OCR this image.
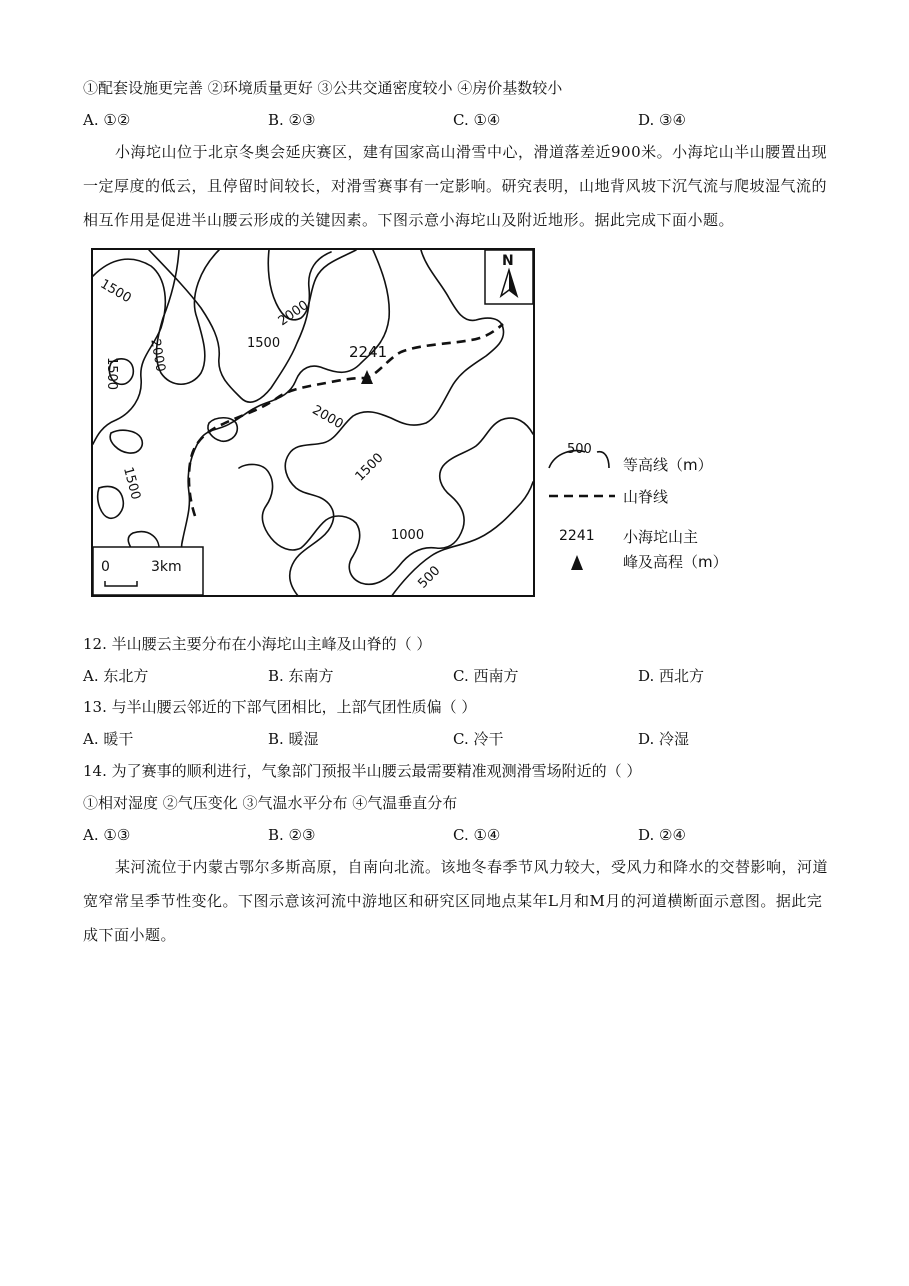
①配套设施更完善 ②环境质量更好 ③公共交通密度较小 ④房价基数较小
A. ①②	B. ②③	C. ①④	D. ③④
小海坨山位于北京冬奥会延庆赛区，建有国家高山滑雪中心，滑道落差近900米。小海坨山半山腰置出现一定厚度的低云，且停留时间较长，对滑雪赛事有一定影响。研究表明，山地背风坡下沉气流与爬坡湿气流的相互作用是促进半山腰云形成的关键因素。下图示意小海坨山及附近地形。据此完成下面小题。
N
2241
1500
2000
1500
2000
1500
2000
1500	1500
1000
500
0	3km
500
等高线（m）
山脊线
2241 小海坨山主
峰及高程（m）
12. 半山腰云主要分布在小海坨山主峰及山脊的（ ）
A. 东北方	B. 东南方	C. 西南方	D. 西北方
13. 与半山腰云邻近的下部气团相比，上部气团性质偏（ ）
A. 暖干	B. 暖湿	C. 冷干	D. 冷湿
14. 为了赛事的顺利进行，气象部门预报半山腰云最需要精准观测滑雪场附近的（ ）
①相对湿度 ②气压变化 ③气温水平分布 ④气温垂直分布
A. ①③	B. ②③	C. ①④	D. ②④
某河流位于内蒙古鄂尔多斯高原，自南向北流。该地冬春季节风力较大，受风力和降水的交替影响，河道宽窄常呈季节性变化。下图示意该河流中游地区和研究区同地点某年L月和M月的河道横断面示意图。据此完成下面小题。
